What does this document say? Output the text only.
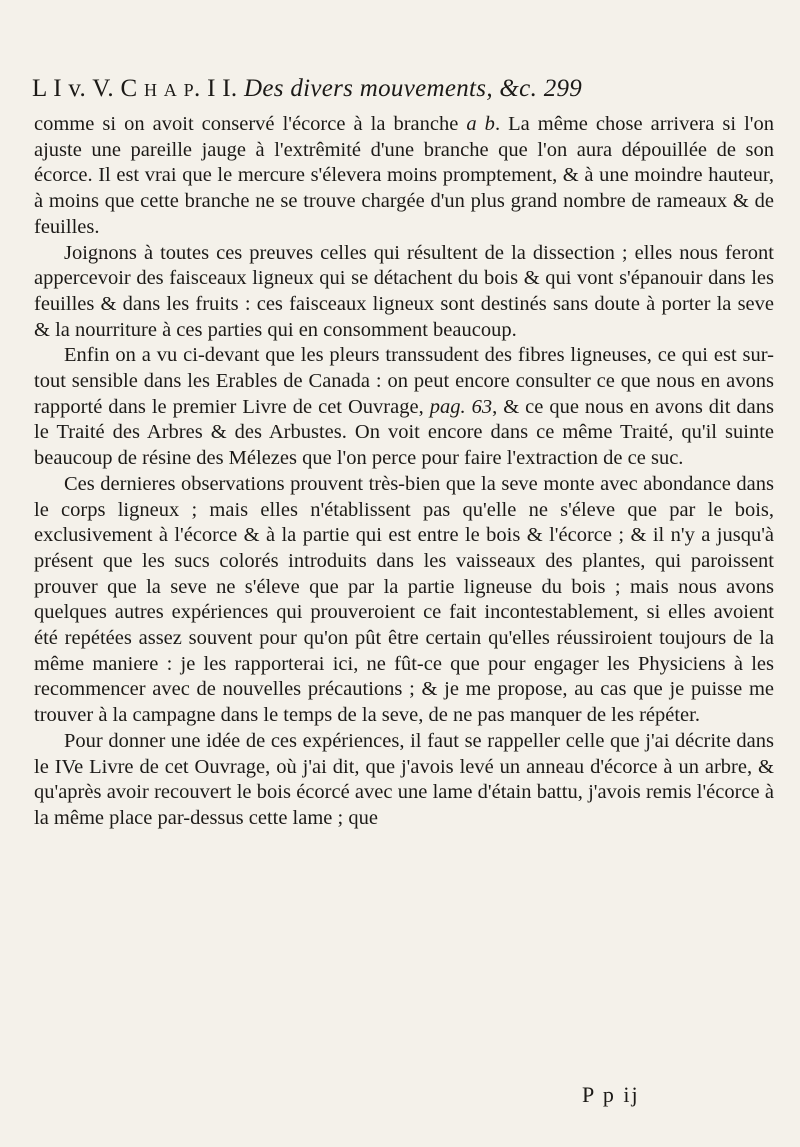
L I v. V. C h a p. I I. Des divers mouvements, &c. 299

comme si on avoit conservé l'écorce à la branche a b. La même chose arrivera si l'on ajuste une pareille jauge à l'extrêmité d'une branche que l'on aura dépouillée de son écorce. Il est vrai que le mercure s'élevera moins promptement, & à une moindre hauteur, à moins que cette branche ne se trouve chargée d'un plus grand nombre de rameaux & de feuilles.

Joignons à toutes ces preuves celles qui résultent de la dissection ; elles nous feront appercevoir des faisceaux ligneux qui se détachent du bois & qui vont s'épanouir dans les feuilles & dans les fruits : ces faisceaux ligneux sont destinés sans doute à porter la seve & la nourriture à ces parties qui en consomment beaucoup.

Enfin on a vu ci-devant que les pleurs transsudent des fibres ligneuses, ce qui est sur-tout sensible dans les Erables de Canada : on peut encore consulter ce que nous en avons rapporté dans le premier Livre de cet Ouvrage, pag. 63, & ce que nous en avons dit dans le Traité des Arbres & des Arbustes. On voit encore dans ce même Traité, qu'il suinte beaucoup de résine des Mélezes que l'on perce pour faire l'extraction de ce suc.

Ces dernieres observations prouvent très-bien que la seve monte avec abondance dans le corps ligneux ; mais elles n'établissent pas qu'elle ne s'éleve que par le bois, exclusivement à l'écorce & à la partie qui est entre le bois & l'écorce ; & il n'y a jusqu'à présent que les sucs colorés introduits dans les vaisseaux des plantes, qui paroissent prouver que la seve ne s'éleve que par la partie ligneuse du bois ; mais nous avons quelques autres expériences qui prouveroient ce fait incontestablement, si elles avoient été repétées assez souvent pour qu'on pût être certain qu'elles réussiroient toujours de la même maniere : je les rapporterai ici, ne fût-ce que pour engager les Physiciens à les recommencer avec de nouvelles précautions ; & je me propose, au cas que je puisse me trouver à la campagne dans le temps de la seve, de ne pas manquer de les répéter.

Pour donner une idée de ces expériences, il faut se rappeller celle que j'ai décrite dans le IVe Livre de cet Ouvrage, où j'ai dit, que j'avois levé un anneau d'écorce à un arbre, & qu'après avoir recouvert le bois écorcé avec une lame d'étain battu, j'avois remis l'écorce à la même place par-dessus cette lame ; que

P p ij
